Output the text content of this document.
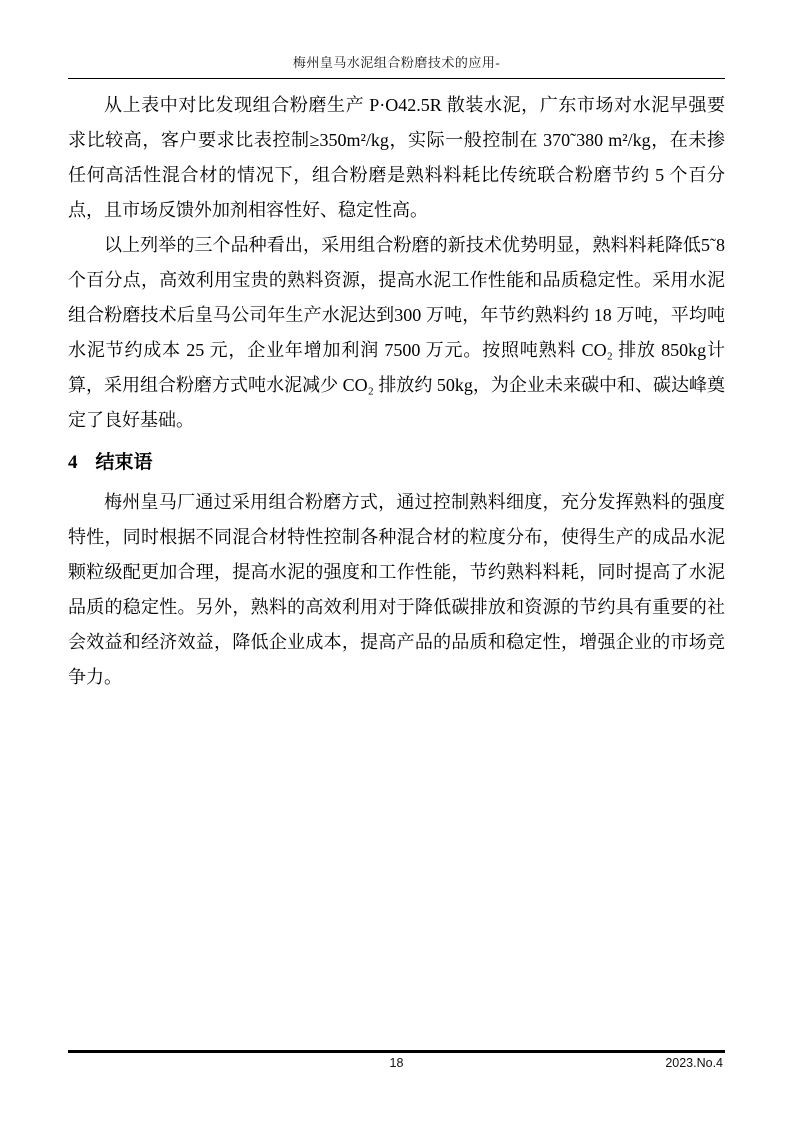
梅州皇马水泥组合粉磨技术的应用-

从上表中对比发现组合粉磨生产 P·O42.5R 散装水泥，广东市场对水泥早强要求比较高，客户要求比表控制≥350m²/kg，实际一般控制在 370˜380 m²/kg，在未掺任何高活性混合材的情况下，组合粉磨是熟料料耗比传统联合粉磨节约 5 个百分点，且市场反馈外加剂相容性好、稳定性高。

以上列举的三个品种看出，采用组合粉磨的新技术优势明显，熟料料耗降低5˜8 个百分点，高效利用宝贵的熟料资源，提高水泥工作性能和品质稳定性。采用水泥组合粉磨技术后皇马公司年生产水泥达到300 万吨，年节约熟料约 18 万吨，平均吨水泥节约成本 25 元，企业年增加利润 7500 万元。按照吨熟料 CO₂ 排放 850kg计算，采用组合粉磨方式吨水泥减少 CO₂ 排放约 50kg，为企业未来碳中和、碳达峰奠定了良好基础。

4 结束语

梅州皇马厂通过采用组合粉磨方式，通过控制熟料细度，充分发挥熟料的强度特性，同时根据不同混合材特性控制各种混合材的粒度分布，使得生产的成品水泥颗粒级配更加合理，提高水泥的强度和工作性能，节约熟料料耗，同时提高了水泥品质的稳定性。另外，熟料的高效利用对于降低碳排放和资源的节约具有重要的社会效益和经济效益，降低企业成本，提高产品的品质和稳定性，增强企业的市场竞争力。

18	2023.No.4
